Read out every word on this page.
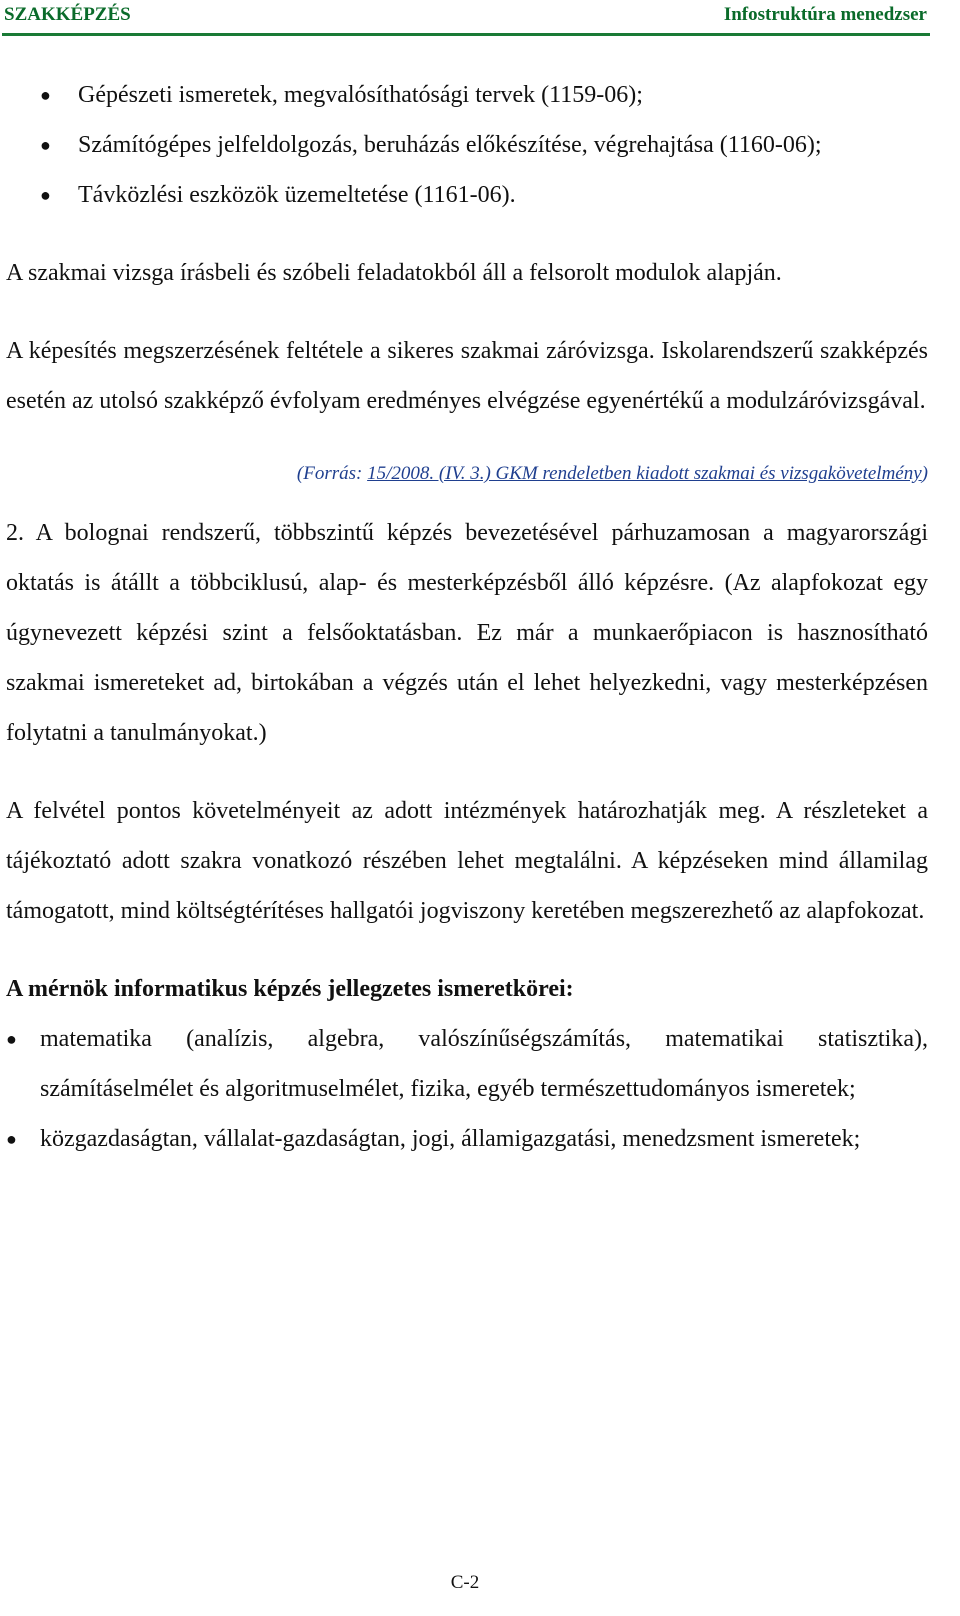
SZAKKÉPZÉS	Infostruktúra menedzser
● Gépészeti ismeretek, megvalósíthatósági tervek (1159-06);
● Számítógépes jelfeldolgozás, beruházás előkészítése, végrehajtása (1160-06);
● Távközlési eszközök üzemeltetése (1161-06).

A szakmai vizsga írásbeli és szóbeli feladatokból áll a felsorolt modulok alapján.

A képesítés megszerzésének feltétele a sikeres szakmai záróvizsga. Iskolarendszerű szakképzés esetén az utolsó szakképző évfolyam eredményes elvégzése egyenértékű a modulzáróvizsgával.

(Forrás: 15/2008. (IV. 3.) GKM rendeletben kiadott szakmai és vizsgakövetelmény)

2. A bolognai rendszerű, többszintű képzés bevezetésével párhuzamosan a magyarországi oktatás is átállt a többciklusú, alap- és mesterképzésből álló képzésre. (Az alapfokozat egy úgynevezett képzési szint a felsőoktatásban. Ez már a munkaerőpiacon is hasznosítható szakmai ismereteket ad, birtokában a végzés után el lehet helyezkedni, vagy mesterképzésen folytatni a tanulmányokat.)

A felvétel pontos követelményeit az adott intézmények határozhatják meg. A részleteket a tájékoztató adott szakra vonatkozó részében lehet megtalálni. A képzéseken mind államilag támogatott, mind költségtérítéses hallgatói jogviszony keretében megszerezhető az alapfokozat.

A mérnök informatikus képzés jellegzetes ismeretkörei:

● matematika (analízis, algebra, valószínűségszámítás, matematikai statisztika), számításelmélet és algoritmuselmélet, fizika, egyéb természettudományos ismeretek;
● közgazdaságtan, vállalat-gazdaságtan, jogi, államigazgatási, menedzsment ismeretek;
C-2
